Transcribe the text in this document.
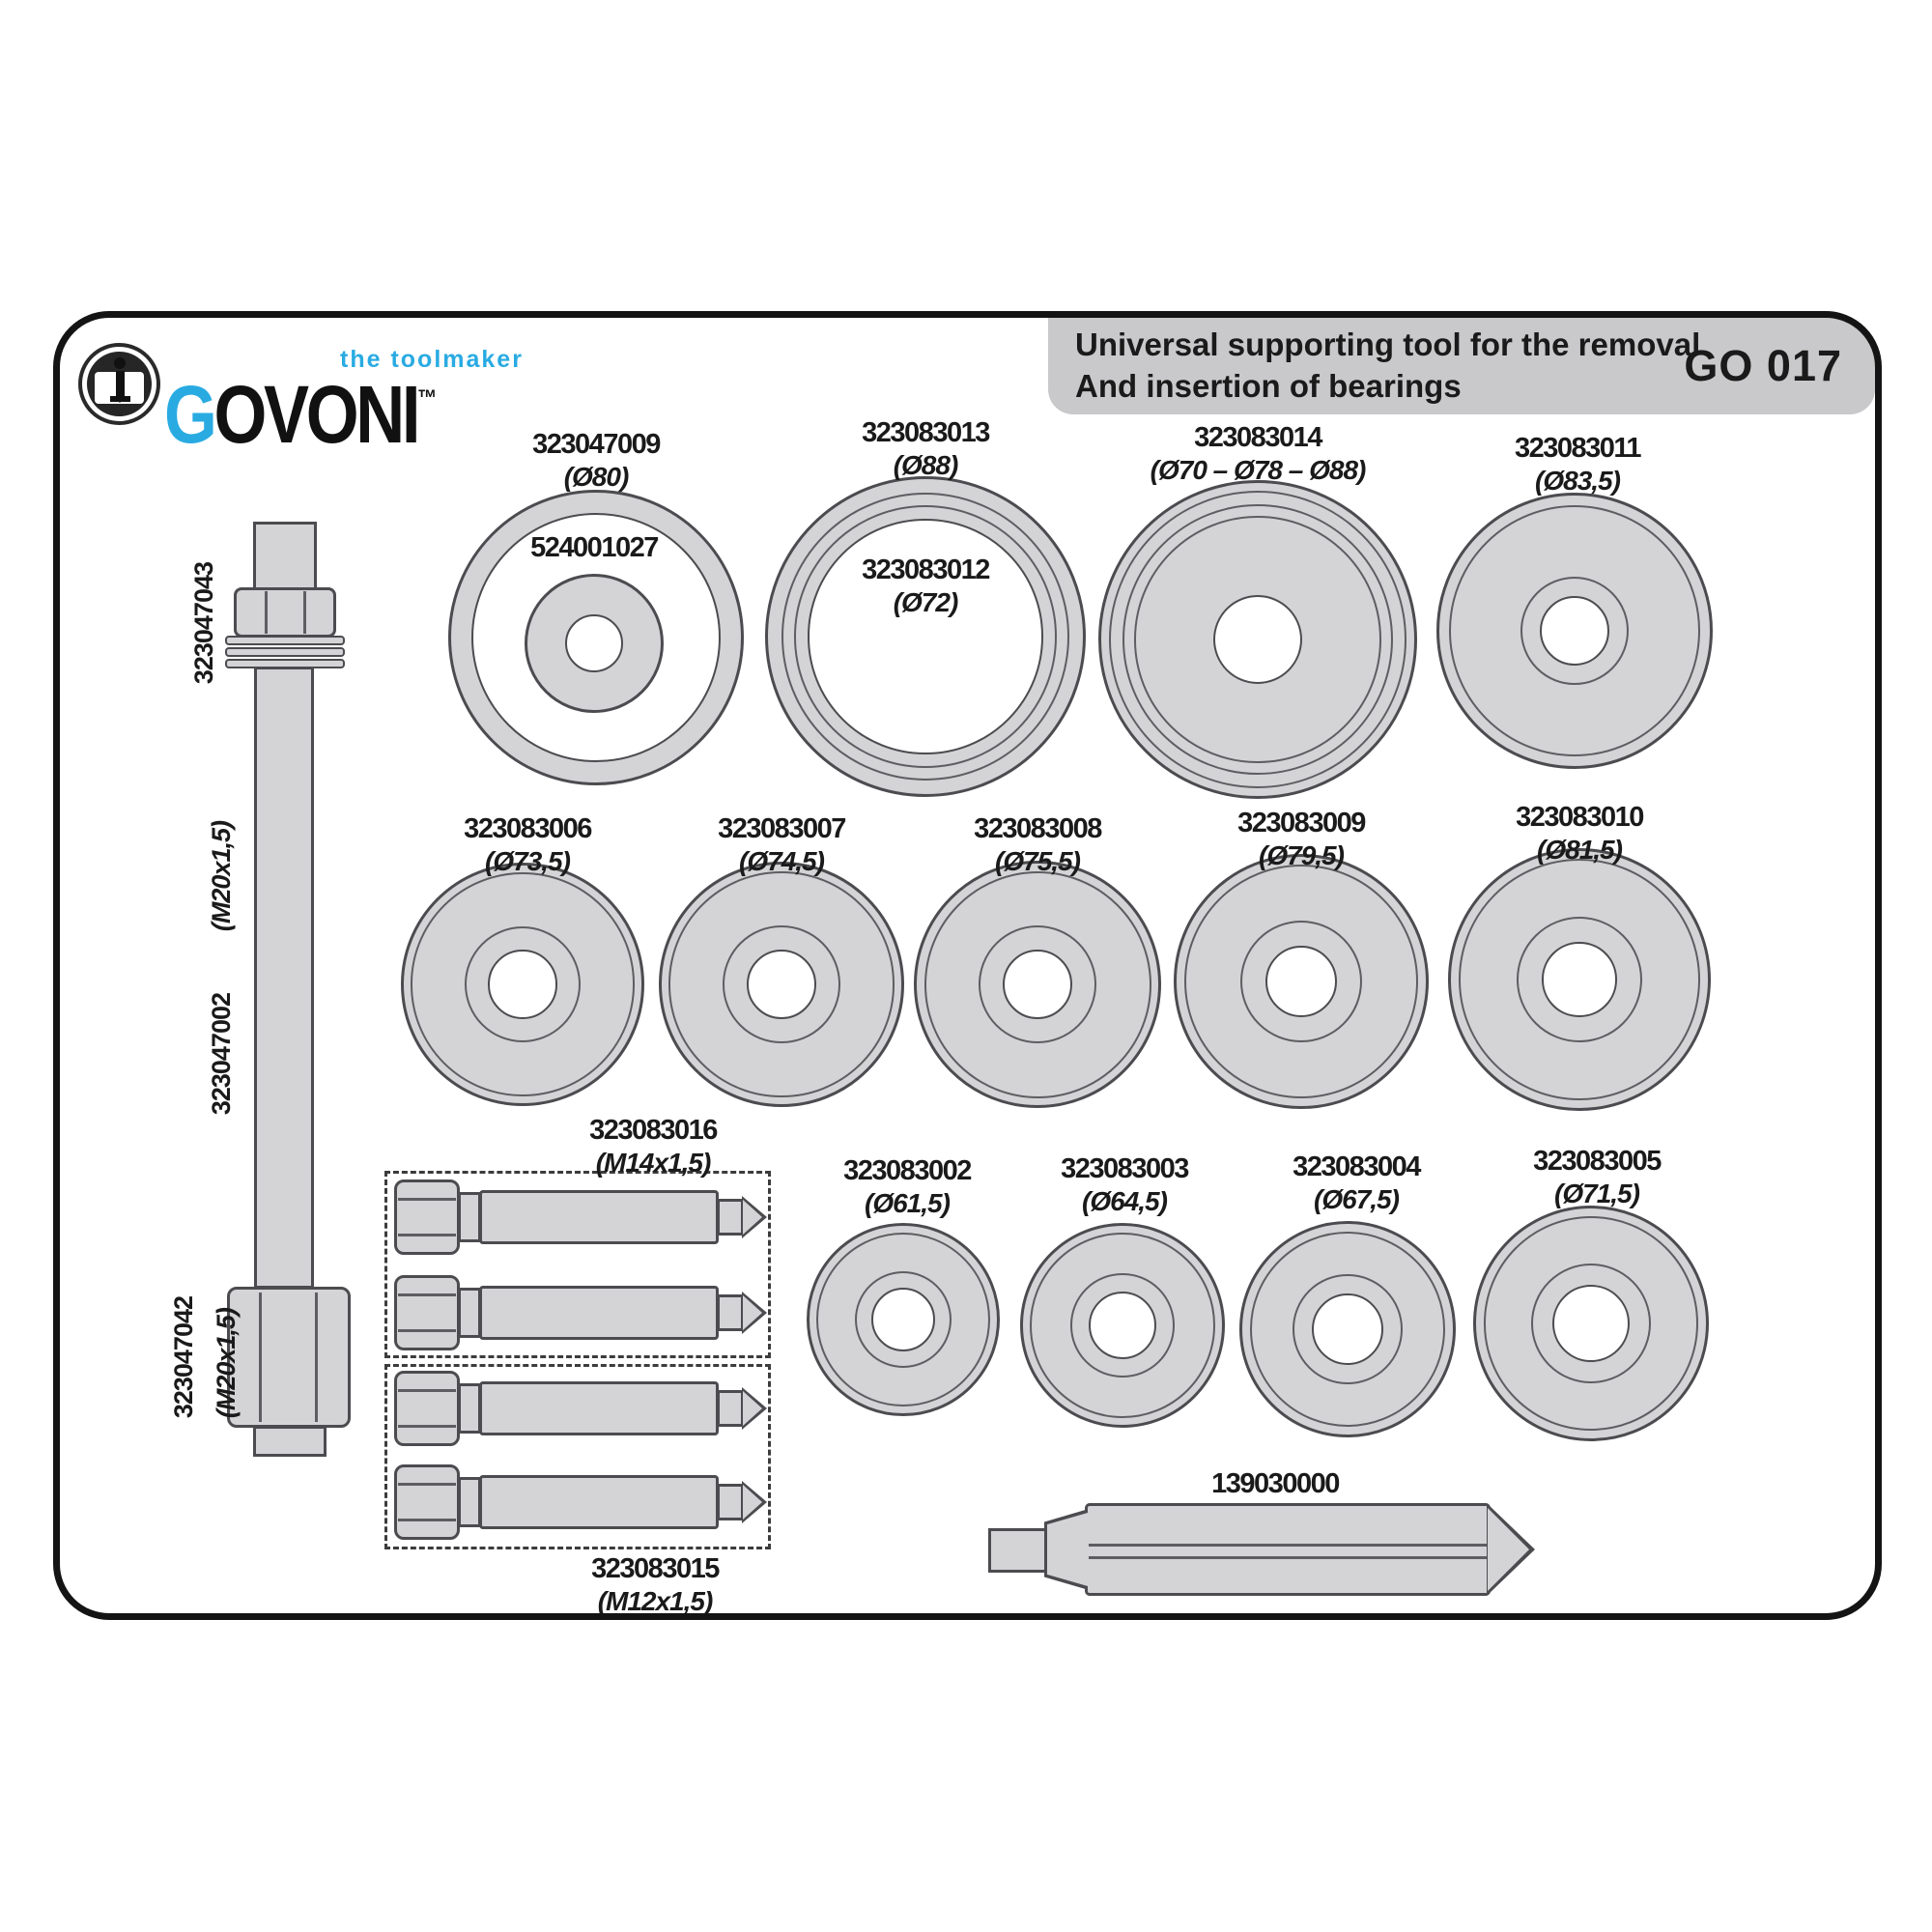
the toolmaker
GOVONI™
Universal supporting tool for the removal
And insertion of bearings	GO 017
323047043
(M20x1,5)
323047002
323047042 (M20x1,5)
323047009
(Ø80)
524001027
323083013
(Ø88)
323083012
(Ø72)
323083014
(Ø70 – Ø78 – Ø88)
323083011
(Ø83,5)
323083006
(Ø73,5)
323083007
(Ø74,5)
323083008
(Ø75,5)
323083009
(Ø79,5)
323083010
(Ø81,5)
323083016
(M14x1,5)
323083015
(M12x1,5)
323083002
(Ø61,5)
323083003
(Ø64,5)
323083004
(Ø67,5)
323083005
(Ø71,5)
139030000
